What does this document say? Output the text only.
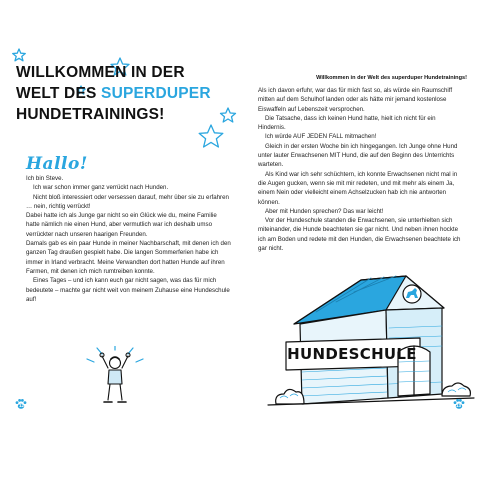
WILLKOMMEN IN DER
WELT DES SUPERDUPER
HUNDETRAININGS!
Hallo!

Ich bin Steve.

Ich war schon immer ganz verrückt nach Hunden.

Nicht bloß interessiert oder versessen darauf, mehr über sie zu erfahren … nein, richtig verrückt!

Dabei hatte ich als Junge gar nicht so ein Glück wie du, meine Familie hatte nämlich nie einen Hund, aber vermutlich war ich deshalb umso verrückter nach unseren haarigen Freunden.

Damals gab es ein paar Hunde in meiner Nachbarschaft, mit denen ich den ganzen Tag draußen gespielt habe. Die langen Sommerferien habe ich immer in Irland verbracht. Meine Verwandten dort hatten Hunde auf ihren Farmen, mit denen ich mich rumtreiben konnte.

Eines Tages – und ich kann euch gar nicht sagen, was das für mich bedeutete – machte gar nicht weit von meinem Zuhause eine Hundeschule auf!

12
Willkommen in der Welt des superduper Hundetrainings!

Als ich davon erfuhr, war das für mich fast so, als würde ein Raumschiff mitten auf dem Schulhof landen oder als hätte mir jemand kostenlose Eiswaffeln auf Lebenszeit versprochen.

Die Tatsache, dass ich keinen Hund hatte, hielt ich nicht für ein Hindernis.

Ich würde AUF JEDEN FALL mitmachen!

Gleich in der ersten Woche bin ich hingegangen. Ich Junge ohne Hund unter lauter Erwachsenen MIT Hund, die auf den Beginn des Unterrichts warteten.

Als Kind war ich sehr schüchtern, ich konnte Erwachsenen nicht mal in die Augen gucken, wenn sie mit mir redeten, und mit mehr als einem Ja, einem Nein oder vielleicht einem Achselzucken hab ich nie antworten können.

Aber mit Hunden sprechen? Das war leicht!

Vor der Hundeschule standen die Erwachsenen, sie unterhielten sich miteinander, die Hunde beachteten sie gar nicht. Und neben ihnen hockte ich am Boden und redete mit den Hunden, die Erwachsenen beachtete ich gar nicht.

HUNDESCHULE
13
